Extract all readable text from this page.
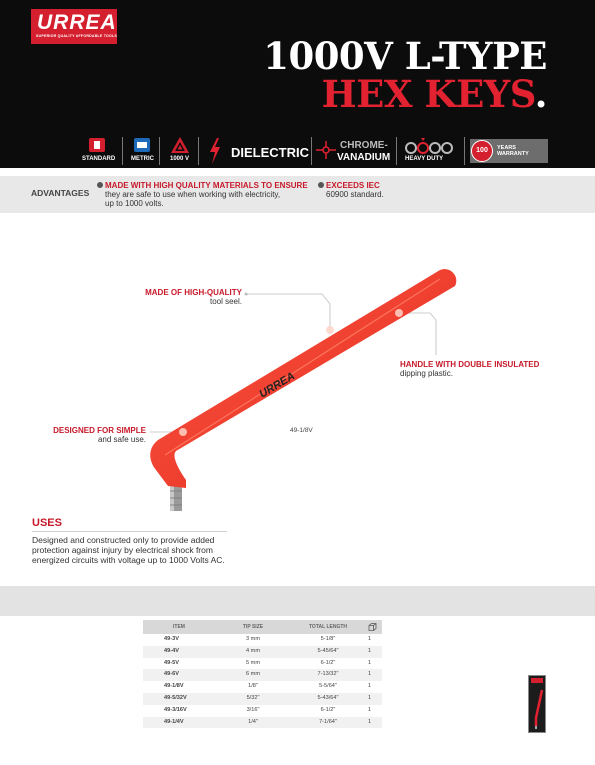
URREA
SUPERIOR QUALITY AFFORDABLE TOOLS	1000V L-TYPE
HEX KEYS.
STANDARD	METRIC	1000 V	DIELECTRIC	CHROME-
VANADIUM HEAVY DUTY
100	YEARS
WARRANTY
ADVANTAGES
MADE WITH HIGH QUALITY MATERIALS TO ENSURE
they are safe to use when working with electricity,
up to 1000 volts.
EXCEEDS IEC
60900 standard.
URREA
MADE OF HIGH-QUALITY
tool seel.
HANDLE WITH DOUBLE INSULATED
dipping plastic.
DESIGNED FOR SIMPLE
and safe use.
49-1/8V
USES
Designed and constructed only to provide added protection against injury by electrical shock from energized circuits with voltage up to 1000 Volts AC.
ITEM	TIP SIZE	TOTAL LENGTH
49-3V	3 mm	5-1/8"	1
49-4V	4 mm	5-45/64"	1
49-5V	5 mm	6-1/2"	1
49-6V	6 mm	7-13/32"	1
49-1/8V	1/8"	5-5/64"	1
49-5/32V	5/32"	5-43/64"	1
49-3/16V	3/16"	6-1/2"	1
49-1/4V	1/4"	7-1/64"	1
